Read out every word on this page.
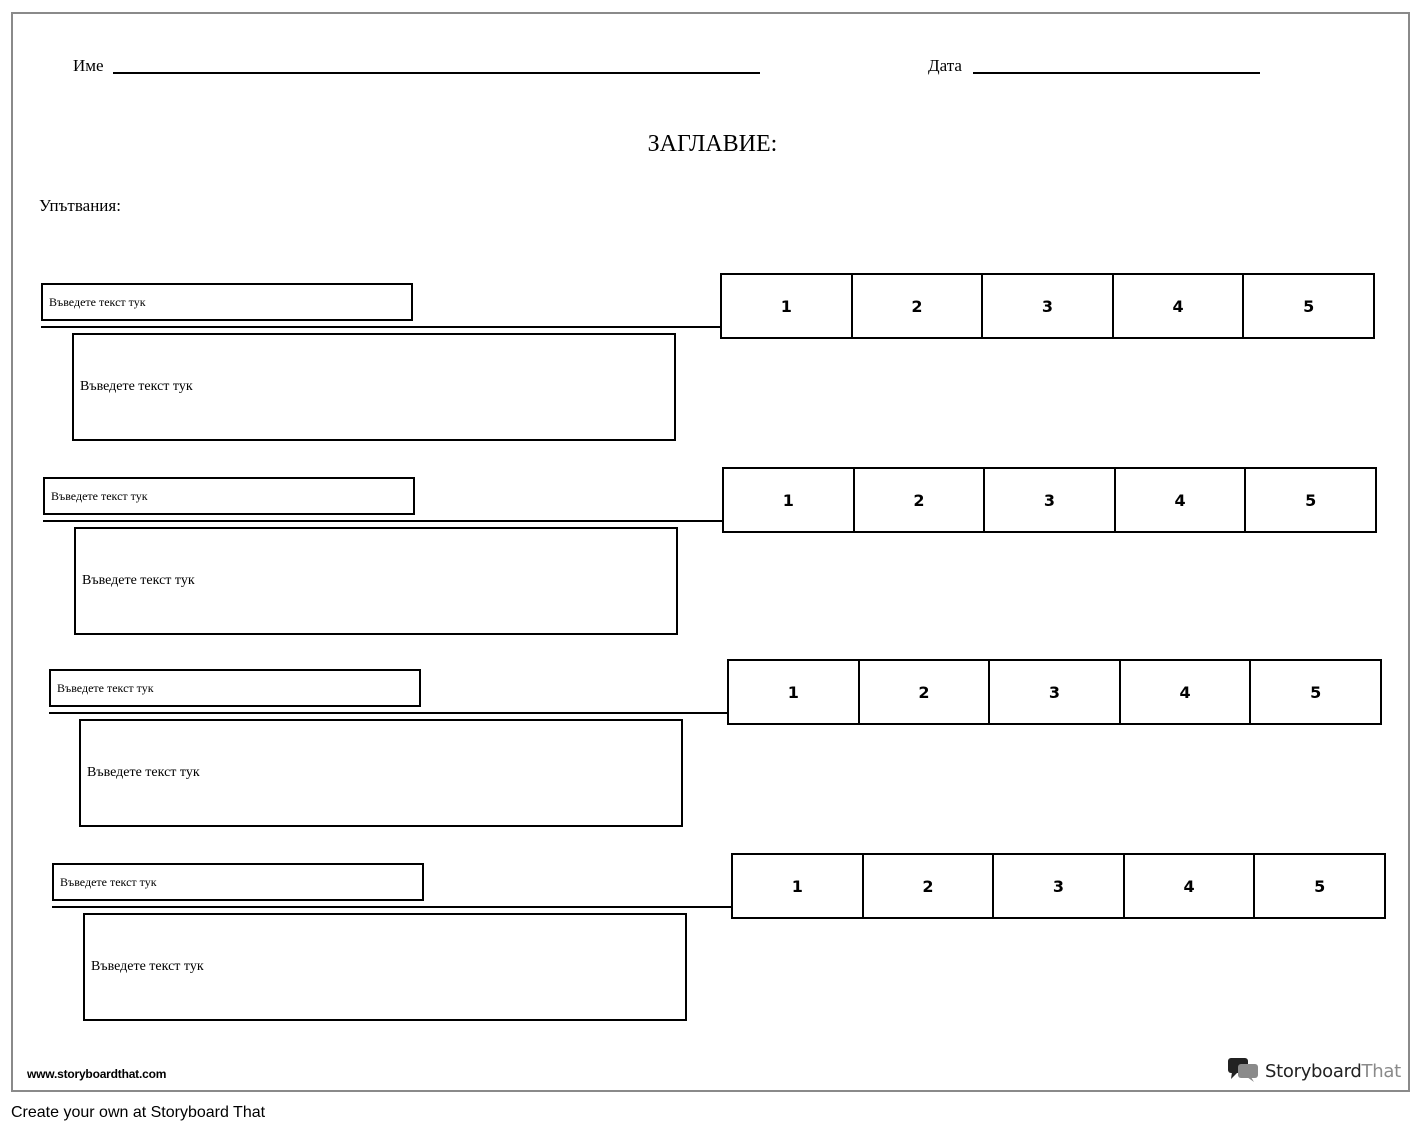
Име	Дата
ЗАГЛАВИЕ:
Упътвания:
Въведете текст тук
Въведете текст тук
1	2	3	4	5
Въведете текст тук
Въведете текст тук
1	2	3	4	5
Въведете текст тук
Въведете текст тук
1	2	3	4	5
Въведете текст тук
Въведете текст тук
1	2	3	4	5
www.storyboardthat.com	StoryboardThat
Create your own at Storyboard That
